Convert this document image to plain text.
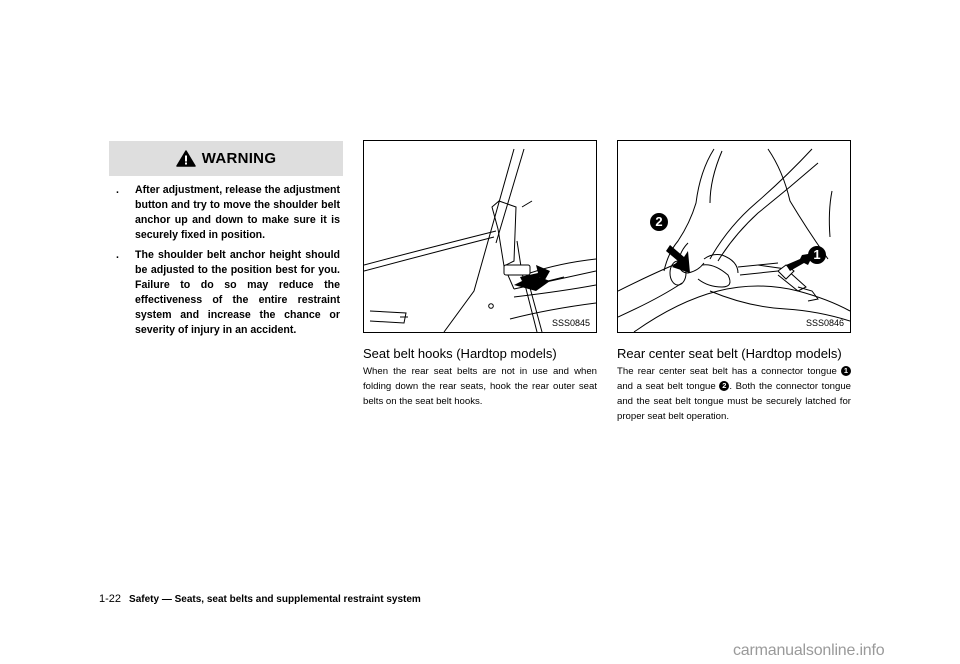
WARNING
. After adjustment, release the adjustment button and try to move the shoulder belt anchor up and down to make sure it is securely fixed in position.
. The shoulder belt anchor height should be adjusted to the position best for you. Failure to do so may reduce the effectiveness of the entire restraint system and increase the chance or severity of injury in an accident.
SSS0845
2
1
SSS0846
Seat belt hooks (Hardtop models)

When the rear seat belts are not in use and when folding down the rear seats, hook the rear outer seat belts on the seat belt hooks.

Rear center seat belt (Hardtop models)

The rear center seat belt has a connector tongue 1 and a seat belt tongue 2 . Both the connector tongue and the seat belt tongue must be securely latched for proper seat belt operation.

1-22 Safety — Seats, seat belts and supplemental restraint system
carmanualsonline.info
